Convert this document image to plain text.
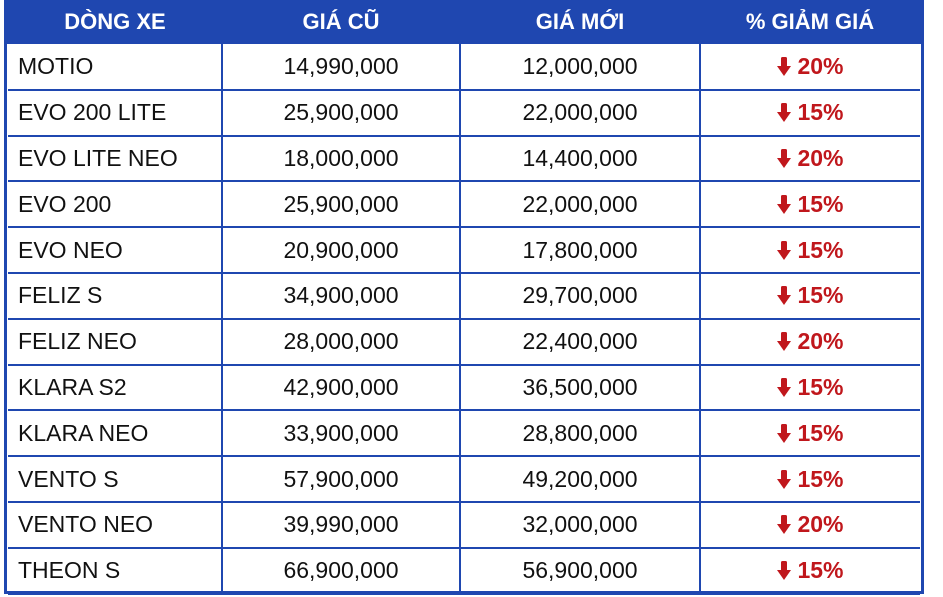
DÒNG XE	GIÁ CŨ	GIÁ MỚI	% GIẢM GIÁ
MOTIO	14,990,000	12,000,000	20%
EVO 200 LITE	25,900,000	22,000,000	15%
EVO LITE NEO	18,000,000	14,400,000	20%
EVO 200	25,900,000	22,000,000	15%
EVO NEO	20,900,000	17,800,000	15%
FELIZ S	34,900,000	29,700,000	15%
FELIZ NEO	28,000,000	22,400,000	20%
KLARA S2	42,900,000	36,500,000	15%
KLARA NEO	33,900,000	28,800,000	15%
VENTO S	57,900,000	49,200,000	15%
VENTO NEO	39,990,000	32,000,000	20%
THEON S	66,900,000	56,900,000	15%
